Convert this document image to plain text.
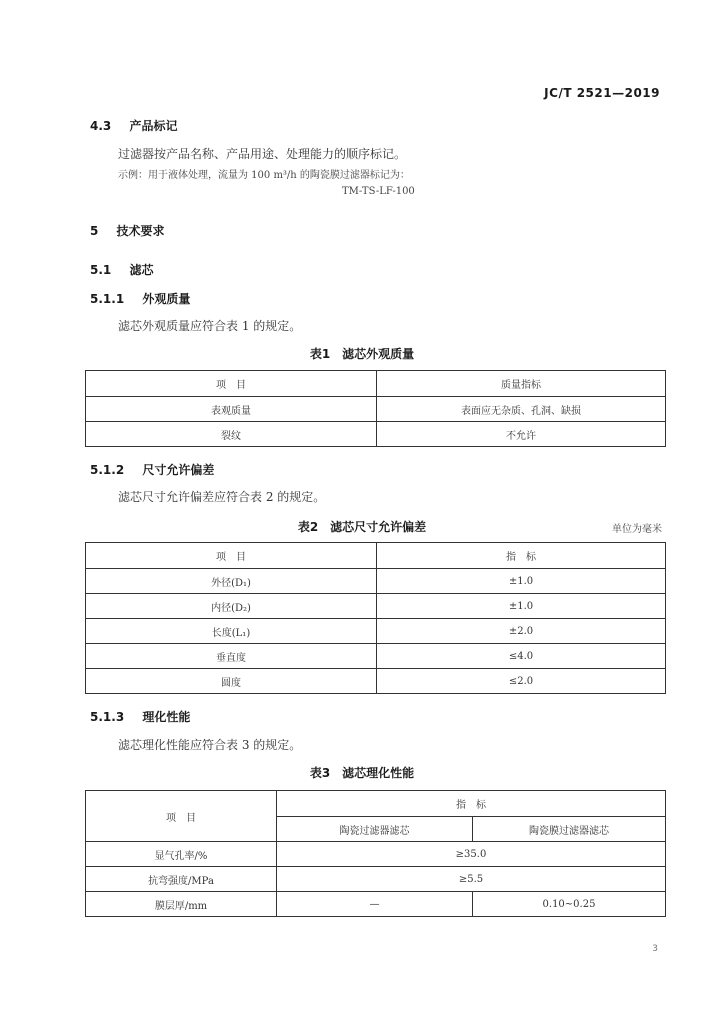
JC/T 2521—2019
4.3 产品标记
过滤器按产品名称、产品用途、处理能力的顺序标记。
示例：用于液体处理，流量为 100 m³/h 的陶瓷膜过滤器标记为：
TM-TS-LF-100
5 技术要求
5.1 滤芯
5.1.1 外观质量
滤芯外观质量应符合表 1 的规定。
表1　滤芯外观质量
项　目	质量指标
表观质量	表面应无杂质、孔洞、缺损
裂纹	不允许
5.1.2 尺寸允许偏差
滤芯尺寸允许偏差应符合表 2 的规定。
表2　滤芯尺寸允许偏差	单位为毫米
项　目	指　标
外径(D₁)	±1.0
内径(D₂)	±1.0
长度(L₁)	±2.0
垂直度	≤4.0
圆度	≤2.0
5.1.3 理化性能
滤芯理化性能应符合表 3 的规定。
表3　滤芯理化性能
项　目	指　标	
	陶瓷过滤器滤芯	陶瓷膜过滤器滤芯
显气孔率/%	≥35.0	
抗弯强度/MPa	≥5.5	
膜层厚/mm	—	0.10~0.25
3
